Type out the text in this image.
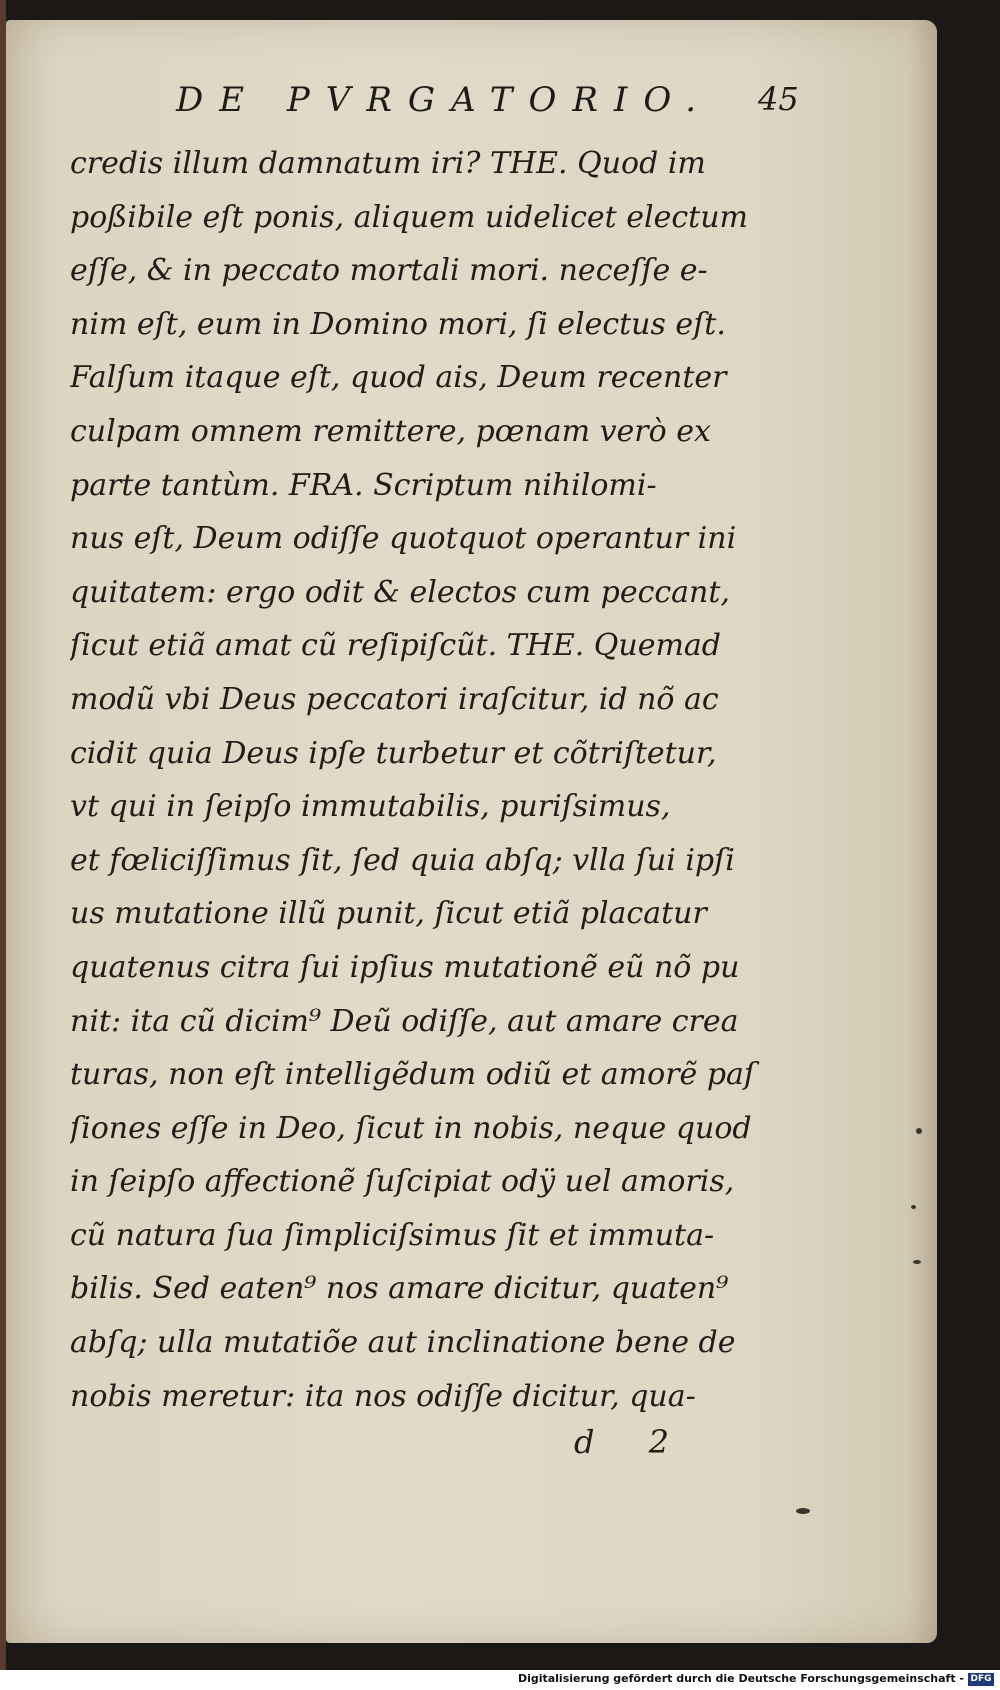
DE PVRGATORIO.	45
credis illum damnatum iri? THE. Quod im
poßibile eſt ponis, aliquem uidelicet electum
eſſe, & in peccato mortali mori. neceſſe e-
nim eſt, eum in Domino mori, ſi electus eſt.
Falſum itaque eſt, quod ais, Deum recenter
culpam omnem remittere, pœnam verò ex
parte tantùm. FRA. Scriptum nihilomi-
nus eſt, Deum odiſſe quotquot operantur ini
quitatem: ergo odit & electos cum peccant,
ſicut etiã amat cũ reſipiſcũt. THE. Quemad
modũ vbi Deus peccatori iraſcitur, id nõ ac
cidit quia Deus ipſe turbetur et cõtriſtetur,
vt qui in ſeipſo immutabilis, puriſsimus,
et fœliciſſimus ſit, ſed quia abſq; vlla ſui ipſi
us mutatione illũ punit, ſicut etiã placatur
quatenus citra ſui ipſius mutationẽ eũ nõ pu
nit: ita cũ dicim⁹ Deũ odiſſe, aut amare crea
turas, non eſt intelligẽdum odiũ et amorẽ paſ
ſiones eſſe in Deo, ſicut in nobis, neque quod
in ſeipſo affectionẽ ſuſcipiat odÿ uel amoris,
cũ natura ſua ſimpliciſsimus ſit et immuta-
bilis. Sed eaten⁹ nos amare dicitur, quaten⁹
abſq; ulla mutatiõe aut inclinatione bene de
nobis meretur: ita nos odiſſe dicitur, qua-
d 2
Digitalisierung gefördert durch die Deutsche Forschungsgemeinschaft - DFG
